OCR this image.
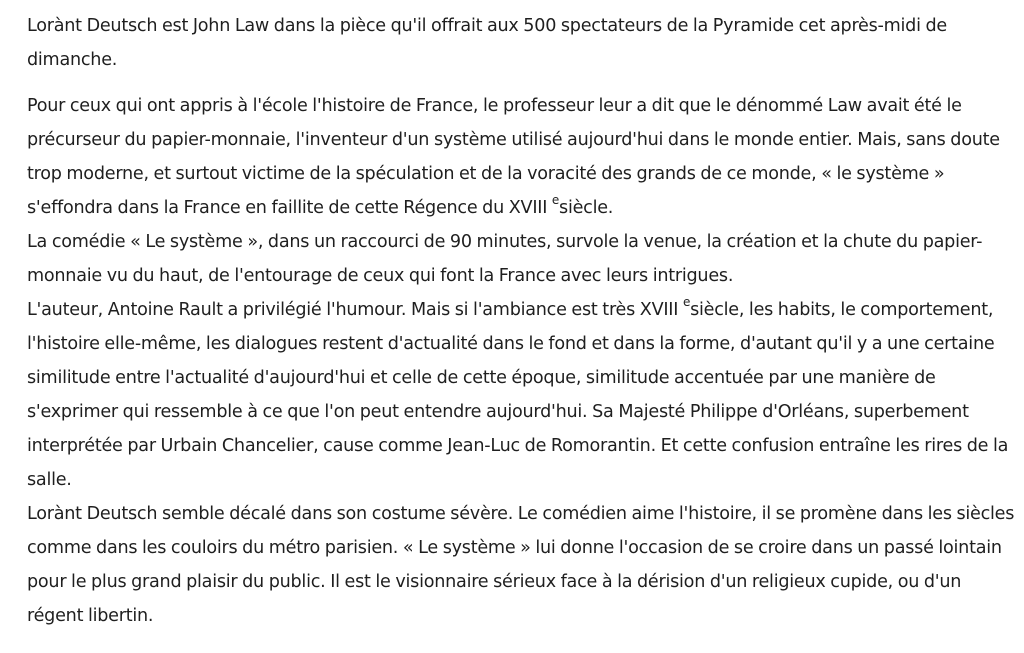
Lorànt Deutsch est John Law dans la pièce qu'il offrait aux 500 spectateurs de la Pyramide cet après-midi de dimanche.

Pour ceux qui ont appris à l'école l'histoire de France, le professeur leur a dit que le dénommé Law avait été le précurseur du papier-monnaie, l'inventeur d'un système utilisé aujourd'hui dans le monde entier. Mais, sans doute trop moderne, et surtout victime de la spéculation et de la voracité des grands de ce monde, « le système » s'effondra dans la France en faillite de cette Régence du XVIII $^e$siècle.
La comédie « Le système », dans un raccourci de 90 minutes, survole la venue, la création et la chute du papier-monnaie vu du haut, de l'entourage de ceux qui font la France avec leurs intrigues.
L'auteur, Antoine Rault a privilégié l'humour. Mais si l'ambiance est très XVIII $^e$siècle, les habits, le comportement, l'histoire elle-même, les dialogues restent d'actualité dans le fond et dans la forme, d'autant qu'il y a une certaine similitude entre l'actualité d'aujourd'hui et celle de cette époque, similitude accentuée par une manière de s'exprimer qui ressemble à ce que l'on peut entendre aujourd'hui. Sa Majesté Philippe d'Orléans, superbement interprétée par Urbain Chancelier, cause comme Jean-Luc de Romorantin. Et cette confusion entraîne les rires de la salle.
Lorànt Deutsch semble décalé dans son costume sévère. Le comédien aime l'histoire, il se promène dans les siècles comme dans les couloirs du métro parisien. « Le système » lui donne l'occasion de se croire dans un passé lointain pour le plus grand plaisir du public. Il est le visionnaire sérieux face à la dérision d'un religieux cupide, ou d'un régent libertin.
